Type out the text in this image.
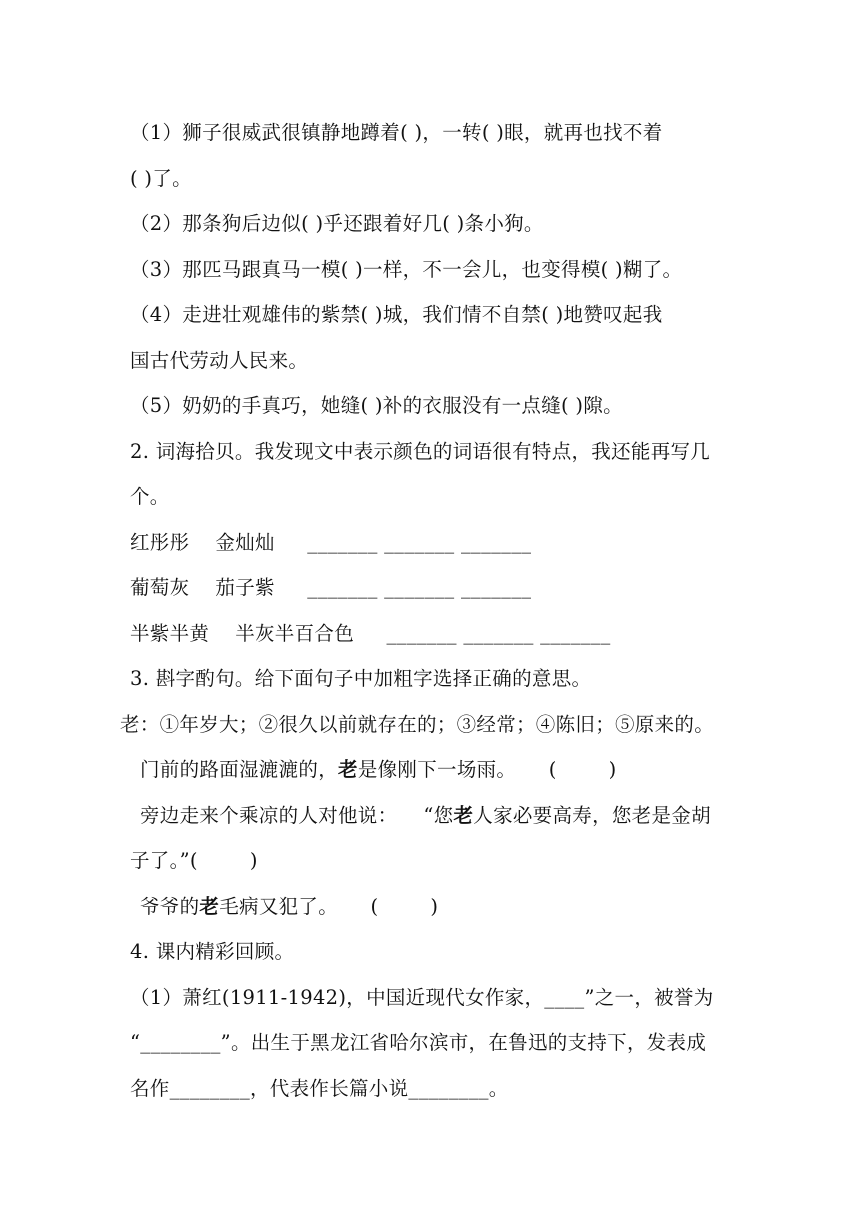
（1）狮子很威武很镇静地蹲着( )，一转( )眼，就再也找不着
( )了。
（2）那条狗后边似( )乎还跟着好几( )条小狗。
（3）那匹马跟真马一模( )一样，不一会儿，也变得模( )糊了。
（4）走进壮观雄伟的紫禁( )城，我们情不自禁( )地赞叹起我
国古代劳动人民来。
（5）奶奶的手真巧，她缝( )补的衣服没有一点缝( )隙。
2. 词海拾贝。我发现文中表示颜色的词语很有特点，我还能再写几
个。
红彤彤    金灿灿     _______ _______ _______
葡萄灰    茄子紫     _______ _______ _______
半紫半黄    半灰半百合色     _______ _______ _______
3. 斟字酌句。给下面句子中加粗字选择正确的意思。
老：①年岁大；②很久以前就存在的；③经常；④陈旧；⑤原来的。
门前的路面湿漉漉的，老是像刚下一场雨。     (        )
旁边走来个乘凉的人对他说：    “您老人家必要高寿，您老是金胡
子了。”(        )
爷爷的老毛病又犯了。     (        )
4. 课内精彩回顾。
（1）萧红(1911-1942)，中国近现代女作家，____”之一，被誉为
“________”。出生于黑龙江省哈尔滨市，在鲁迅的支持下，发表成
名作________，代表作长篇小说________。
